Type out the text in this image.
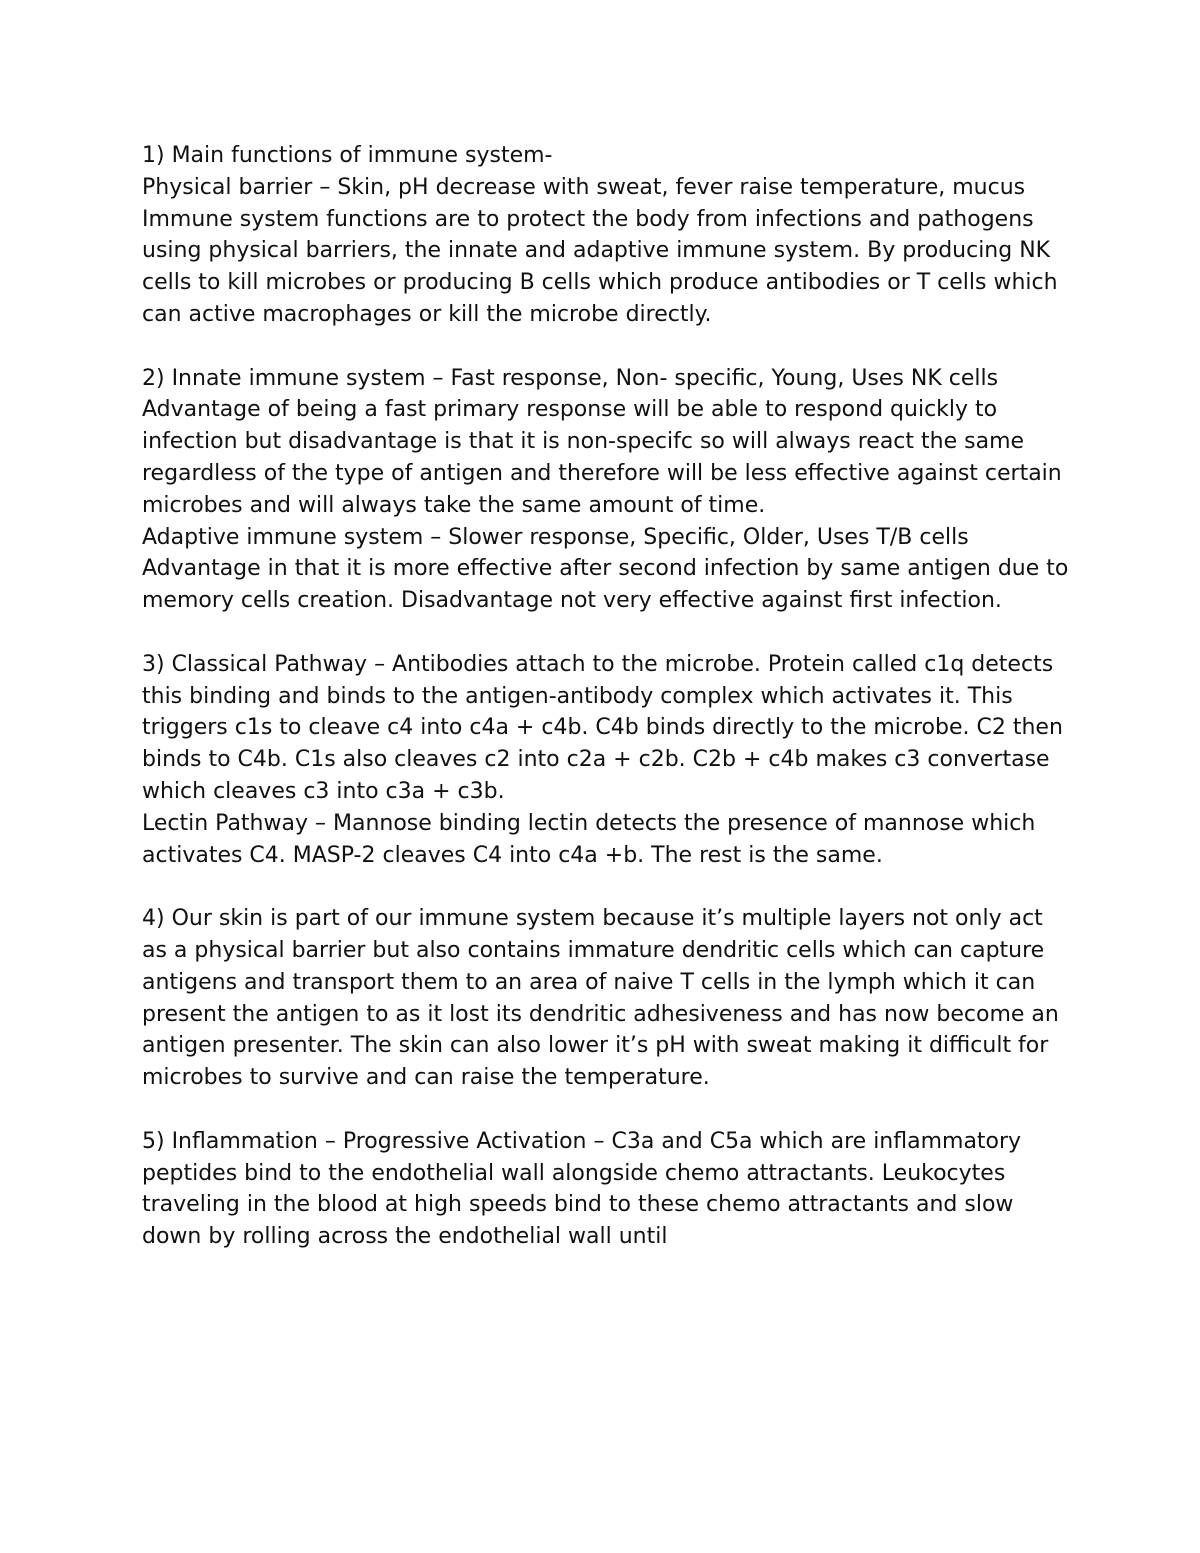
1) Main functions of immune system-

Physical barrier – Skin, pH decrease with sweat, fever raise temperature, mucus

Immune system functions are to protect the body from infections and pathogens using physical barriers, the innate and adaptive immune system. By producing NK cells to kill microbes or producing B cells which produce antibodies or T cells which can active macrophages or kill the microbe directly.

2) Innate immune system – Fast response, Non- specific, Young, Uses NK cells

Advantage of being a fast primary response will be able to respond quickly to infection but disadvantage is that it is non-specifc so will always react the same regardless of the type of antigen and therefore will be less effective against certain microbes and will always take the same amount of time.

Adaptive immune system – Slower response, Specific, Older, Uses T/B cells

Advantage in that it is more effective after second infection by same antigen due to memory cells creation. Disadvantage not very effective against first infection.

3) Classical Pathway – Antibodies attach to the microbe. Protein called c1q detects this binding and binds to the antigen-antibody complex which activates it. This triggers c1s to cleave c4 into c4a + c4b. C4b binds directly to the microbe. C2 then binds to C4b. C1s also cleaves c2 into c2a + c2b. C2b + c4b makes c3 convertase which cleaves c3 into c3a + c3b.

Lectin Pathway – Mannose binding lectin detects the presence of mannose which activates C4. MASP-2 cleaves C4 into c4a +b. The rest is the same.

4) Our skin is part of our immune system because it’s multiple layers not only act as a physical barrier but also contains immature dendritic cells which can capture antigens and transport them to an area of naive T cells in the lymph which it can present the antigen to as it lost its dendritic adhesiveness and has now become an antigen presenter. The skin can also lower it’s pH with sweat making it difficult for microbes to survive and can raise the temperature.

5) Inflammation – Progressive Activation – C3a and C5a which are inflammatory peptides bind to the endothelial wall alongside chemo attractants. Leukocytes traveling in the blood at high speeds bind to these chemo attractants and slow down by rolling across the endothelial wall until
